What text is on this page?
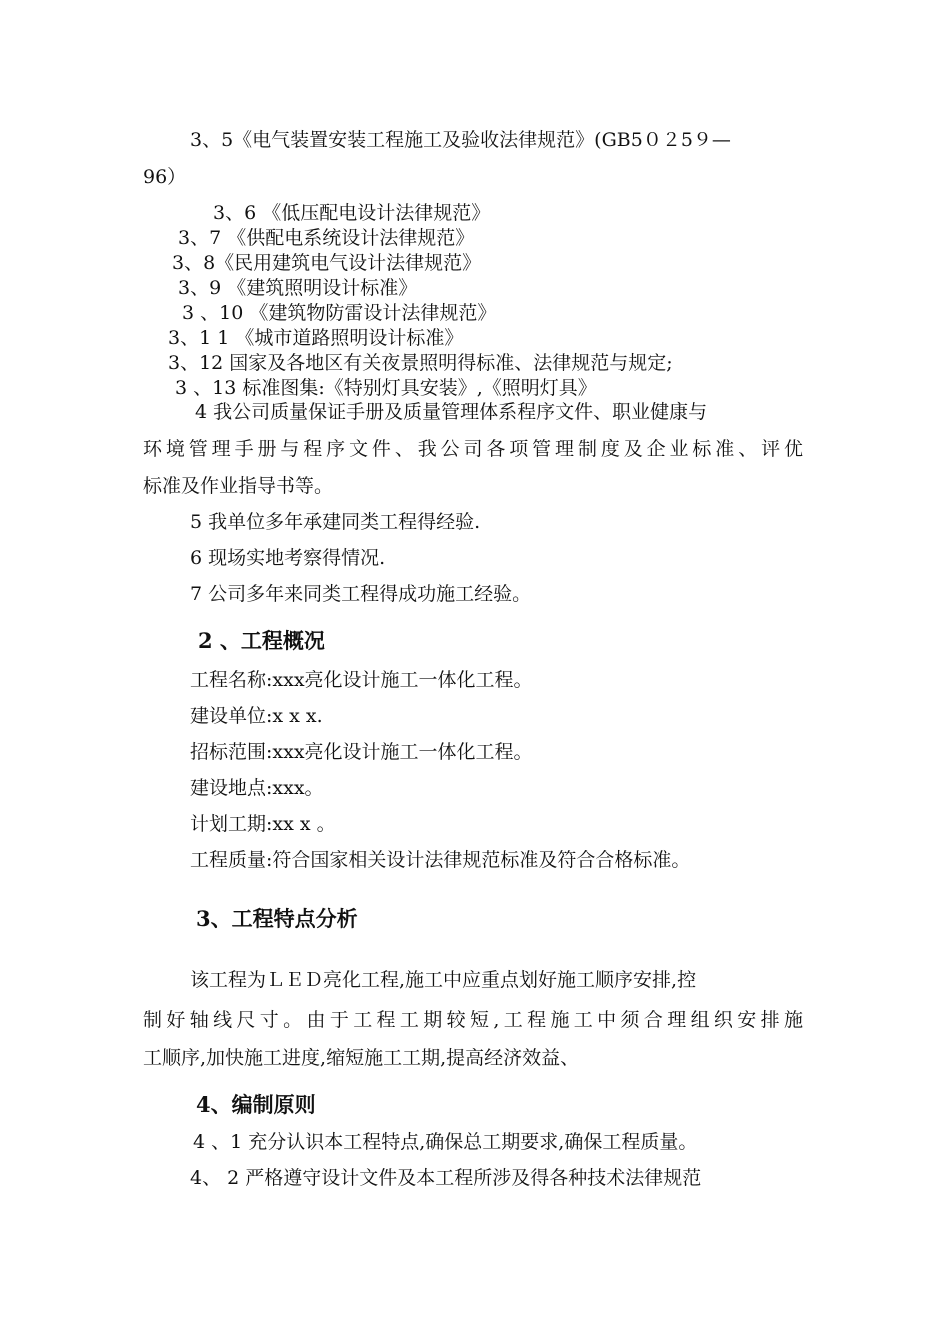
3、5《电气装置安装工程施工及验收法律规范》(GB5０２5９—
96）
3、6 《低压配电设计法律规范》
3、7 《供配电系统设计法律规范》
3、8《民用建筑电气设计法律规范》
3、9 《建筑照明设计标准》
3 、10 《建筑物防雷设计法律规范》
3、1 1 《城市道路照明设计标准》
3、12 国家及各地区有关夜景照明得标准、法律规范与规定;
3 、13 标准图集:《特别灯具安装》,《照明灯具》
4 我公司质量保证手册及质量管理体系程序文件、职业健康与
环境管理手册与程序文件、我公司各项管理制度及企业标准、评优
标准及作业指导书等。
5 我单位多年承建同类工程得经验.
6 现场实地考察得情况.
7 公司多年来同类工程得成功施工经验。
2 、工程概况
工程名称:xxx亮化设计施工一体化工程。
建设单位:x x x.
招标范围:xxx亮化设计施工一体化工程。
建设地点:xxx。
计划工期:xx x 。
工程质量:符合国家相关设计法律规范标准及符合合格标准。
3、工程特点分析
该工程为ＬＥＤ亮化工程,施工中应重点划好施工顺序安排,控
制好轴线尺寸。由于工程工期较短,工程施工中须合理组织安排施
工顺序,加快施工进度,缩短施工工期,提高经济效益、
4、编制原则
4 、1 充分认识本工程特点,确保总工期要求,确保工程质量。
4、 2 严格遵守设计文件及本工程所涉及得各种技术法律规范
